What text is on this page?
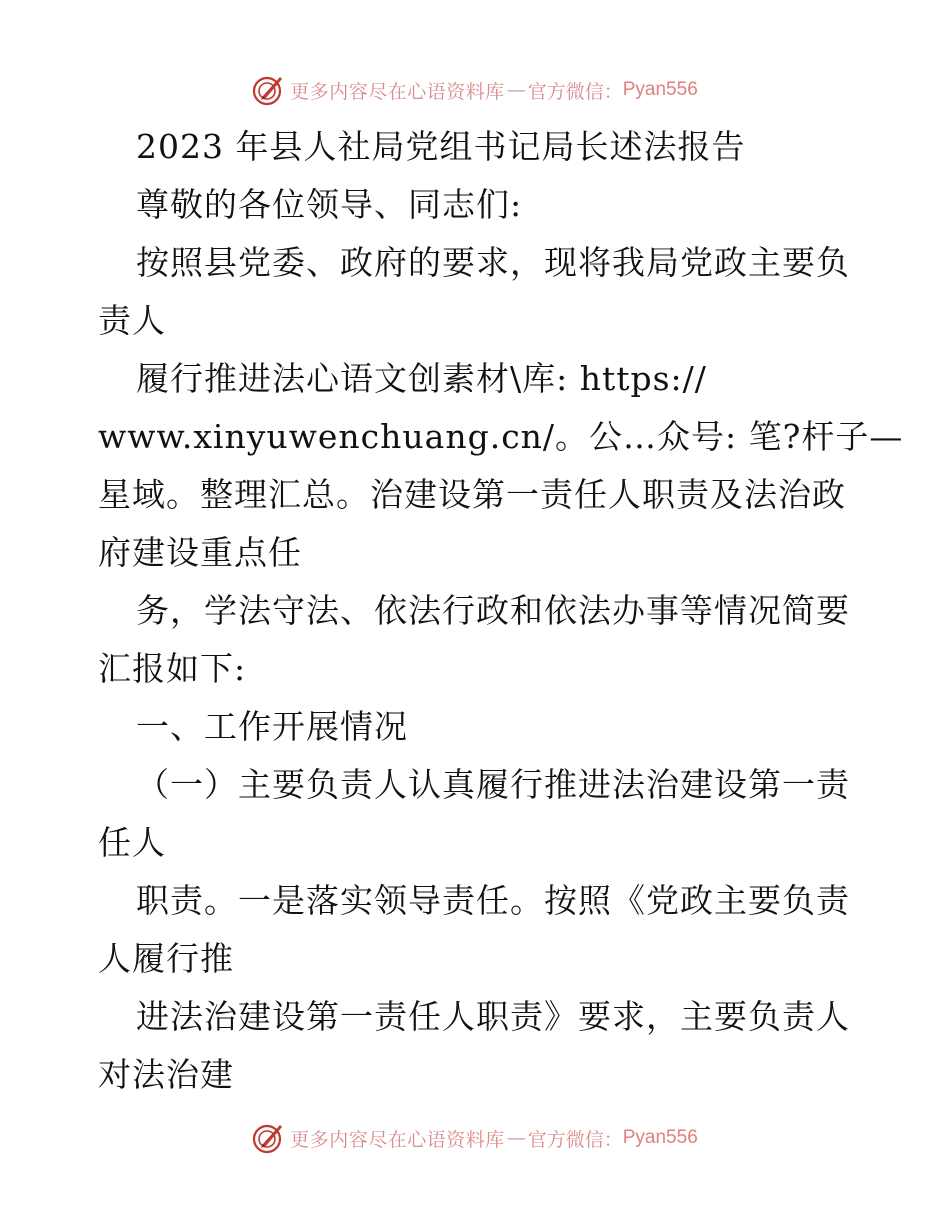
更多内容尽在心语资料库 — 官方微信： Pyan556
2023 年县人社局党组书记局长述法报告
尊敬的各位领导、同志们:
按照县党委、政府的要求，现将我局党政主要负
责人
履行推进法心语文创素材\库: https://
www.xinyuwenchuang.cn/。公…众号: 笔?杆子—
星域。整理汇总。治建设第一责任人职责及法治政
府建设重点任
务，学法守法、依法行政和依法办事等情况简要
汇报如下:
一、工作开展情况
（一）主要负责人认真履行推进法治建设第一责
任人
职责。一是落实领导责任。按照《党政主要负责
人履行推
进法治建设第一责任人职责》要求，主要负责人
对法治建
更多内容尽在心语资料库 — 官方微信： Pyan556
